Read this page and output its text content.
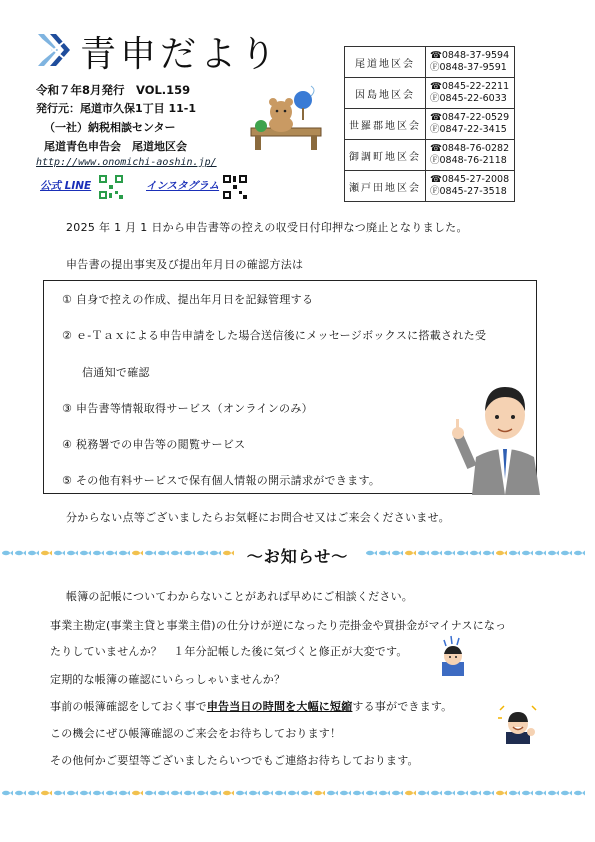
青申だより
令和７年8月発行　VOL.159
発行元：尾道市久保1丁目 11-1
（一社）納税相談センター
尾道青色申告会　尾道地区会
http://www.onomichi-aoshin.jp/
公式 LINE	インスタグラム
尾道地区会	☎0848-37-9594
Ⓕ0848-37-9591

因島地区会	☎0845-22-2211
Ⓕ0845-22-6033

世羅郡地区会	☎0847-22-0529
Ⓕ0847-22-3415

御調町地区会	☎0848-76-0282
Ⓕ0848-76-2118

瀬戸田地区会	☎0845-27-2008
Ⓕ0845-27-3518
2025 年 1 月 1 日から申告書等の控えの収受日付印押なつ廃止となりました。
申告書の提出事実及び提出年月日の確認方法は
① 自身で控えの作成、提出年月日を記録管理する
② ｅ-Ｔａｘによる申告申請をした場合送信後にメッセージボックスに搭載された受
信通知で確認
③ 申告書等情報取得サービス（オンラインのみ）
④ 税務署での申告等の閲覧サービス
⑤ その他有料サービスで保有個人情報の開示請求ができます。
分からない点等ございましたらお気軽にお問合せ又はご来会くださいませ。
～お知らせ～
帳簿の記帳についてわからないことがあれば早めにご相談ください。
事業主勘定(事業主貸と事業主借)の仕分けが逆になったり売掛金や買掛金がマイナスになっ
たりしていませんか？　１年分記帳した後に気づくと修正が大変です。
定期的な帳簿の確認にいらっしゃいませんか？
事前の帳簿確認をしておく事で申告当日の時間を大幅に短縮する事ができます。
この機会にぜひ帳簿確認のご来会をお待ちしております！
その他何かご要望等ございましたらいつでもご連絡お待ちしております。
